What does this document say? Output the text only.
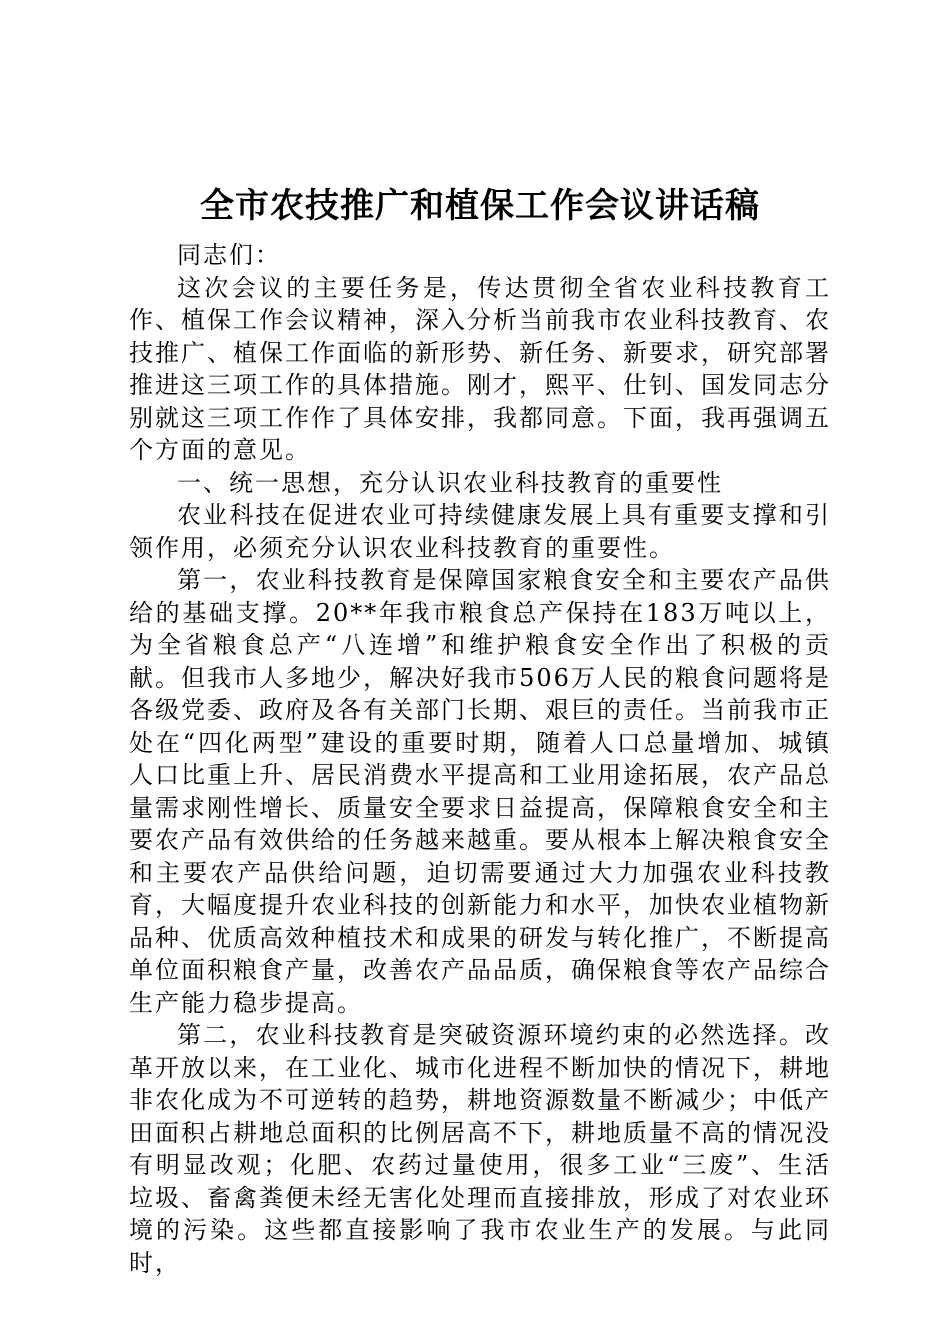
全市农技推广和植保工作会议讲话稿

同志们：

这次会议的主要任务是，传达贯彻全省农业科技教育工作、植保工作会议精神，深入分析当前我市农业科技教育、农技推广、植保工作面临的新形势、新任务、新要求，研究部署推进这三项工作的具体措施。刚才，熙平、仕钊、国发同志分别就这三项工作作了具体安排，我都同意。下面，我再强调五个方面的意见。

一、统一思想，充分认识农业科技教育的重要性

农业科技在促进农业可持续健康发展上具有重要支撑和引领作用，必须充分认识农业科技教育的重要性。

第一，农业科技教育是保障国家粮食安全和主要农产品供给的基础支撑。20**年我市粮食总产保持在183万吨以上，为全省粮食总产“八连增”和维护粮食安全作出了积极的贡献。但我市人多地少，解决好我市506万人民的粮食问题将是各级党委、政府及各有关部门长期、艰巨的责任。当前我市正处在“四化两型”建设的重要时期，随着人口总量增加、城镇人口比重上升、居民消费水平提高和工业用途拓展，农产品总量需求刚性增长、质量安全要求日益提高，保障粮食安全和主要农产品有效供给的任务越来越重。要从根本上解决粮食安全和主要农产品供给问题，迫切需要通过大力加强农业科技教育，大幅度提升农业科技的创新能力和水平，加快农业植物新品种、优质高效种植技术和成果的研发与转化推广，不断提高单位面积粮食产量，改善农产品品质，确保粮食等农产品综合生产能力稳步提高。

第二，农业科技教育是突破资源环境约束的必然选择。改革开放以来，在工业化、城市化进程不断加快的情况下，耕地非农化成为不可逆转的趋势，耕地资源数量不断减少；中低产田面积占耕地总面积的比例居高不下，耕地质量不高的情况没有明显改观；化肥、农药过量使用，很多工业“三废”、生活垃圾、畜禽粪便未经无害化处理而直接排放，形成了对农业环境的污染。这些都直接影响了我市农业生产的发展。与此同时，
